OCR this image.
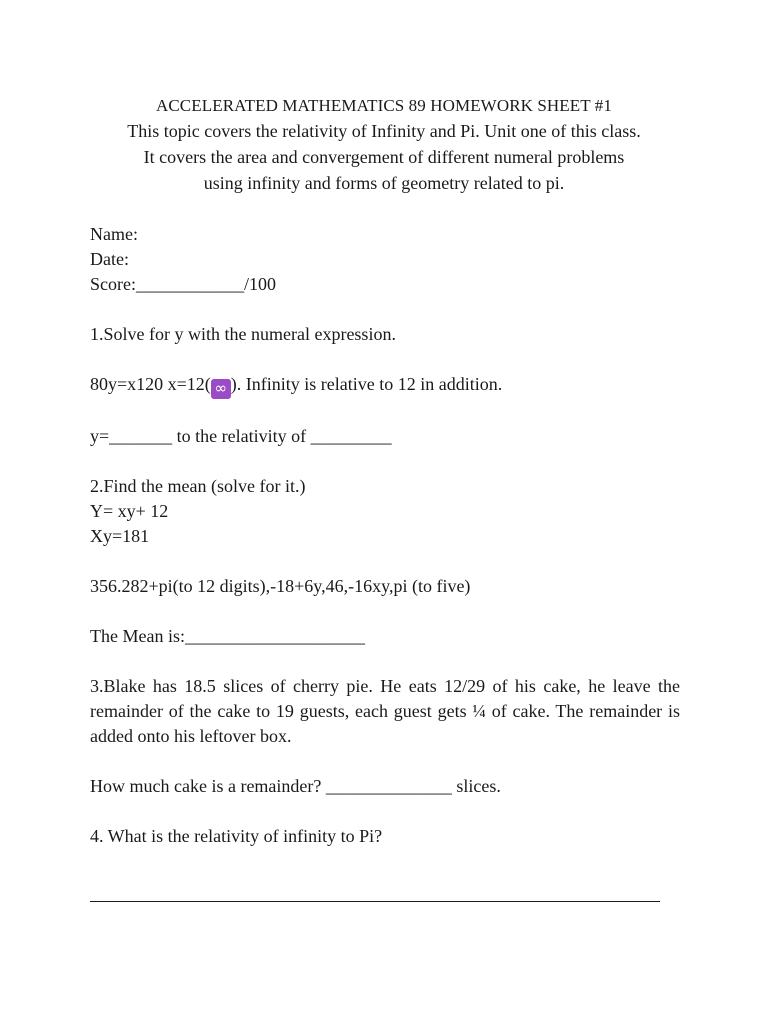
ACCELERATED MATHEMATICS 89 HOMEWORK SHEET #1
This topic covers the relativity of Infinity and Pi. Unit one of this class.
It covers the area and convergement of different numeral problems
using infinity and forms of geometry related to pi.
Name:
Date:
Score:____________/100
1.Solve for y with the numeral expression.
80y=x120 x=12( ∞ ). Infinity is relative to 12 in addition.
y=_______ to the relativity of _________
2.Find the mean (solve for it.)
Y= xy+ 12
Xy=181
356.282+pi(to 12 digits),-18+6y,46,-16xy,pi (to five)
The Mean is:____________________
3.Blake has 18.5 slices of cherry pie. He eats 12/29 of his cake, he leave the remainder of the cake to 19 guests, each guest gets ¼ of cake. The remainder is added onto his leftover box.
How much cake is a remainder? ______________ slices.
4. What is the relativity of infinity to Pi?
